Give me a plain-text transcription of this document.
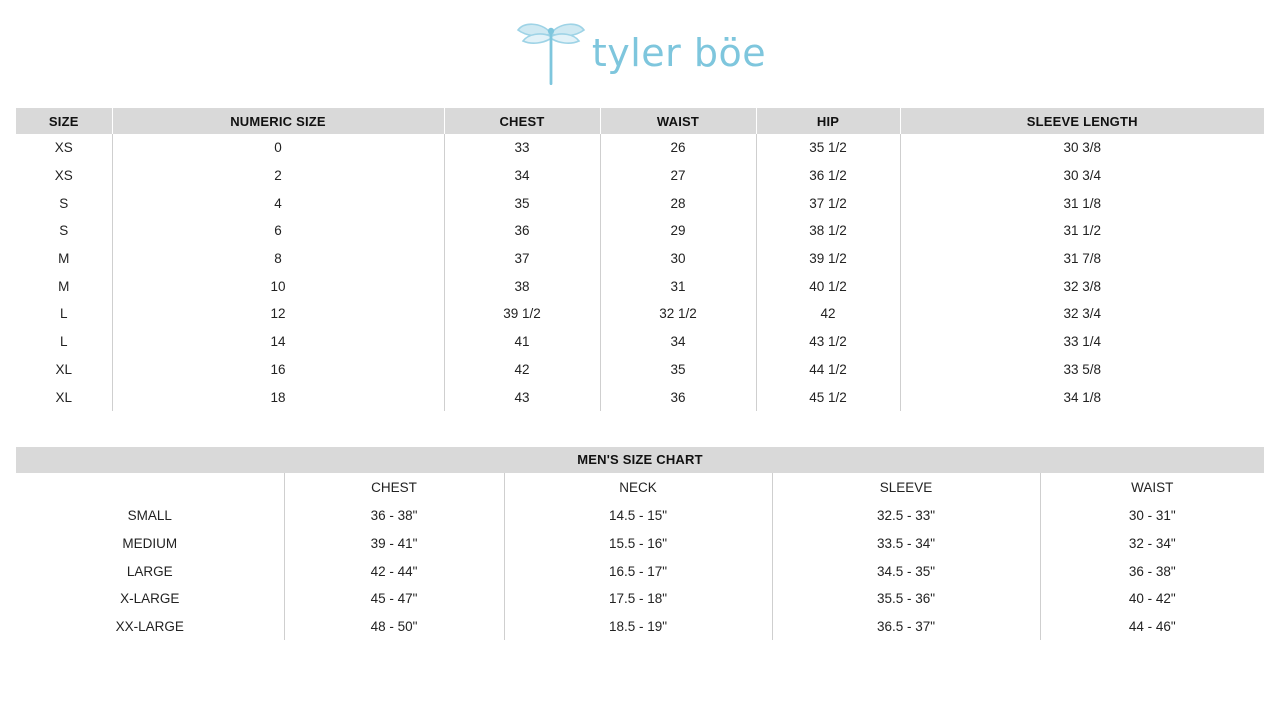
tyler böe
SIZE	NUMERIC SIZE	CHEST	WAIST	HIP	SLEEVE LENGTH
XS	0	33	26	35 1/2	30 3/8
XS	2	34	27	36 1/2	30 3/4
S	4	35	28	37 1/2	31 1/8
S	6	36	29	38 1/2	31 1/2
M	8	37	30	39 1/2	31 7/8
M	10	38	31	40 1/2	32 3/8
L	12	39 1/2	32 1/2	42	32 3/4
L	14	41	34	43 1/2	33 1/4
XL	16	42	35	44 1/2	33 5/8
XL	18	43	36	45 1/2	34 1/8
MEN'S SIZE CHART				
	CHEST	NECK	SLEEVE	WAIST
SMALL	36 - 38"	14.5 - 15"	32.5 - 33"	30 - 31"
MEDIUM	39 - 41"	15.5 - 16"	33.5 - 34"	32 - 34"
LARGE	42 - 44"	16.5 - 17"	34.5 - 35"	36 - 38"
X-LARGE	45 - 47"	17.5 - 18"	35.5 - 36"	40 - 42"
XX-LARGE	48 - 50"	18.5 - 19"	36.5 - 37"	44 - 46"
